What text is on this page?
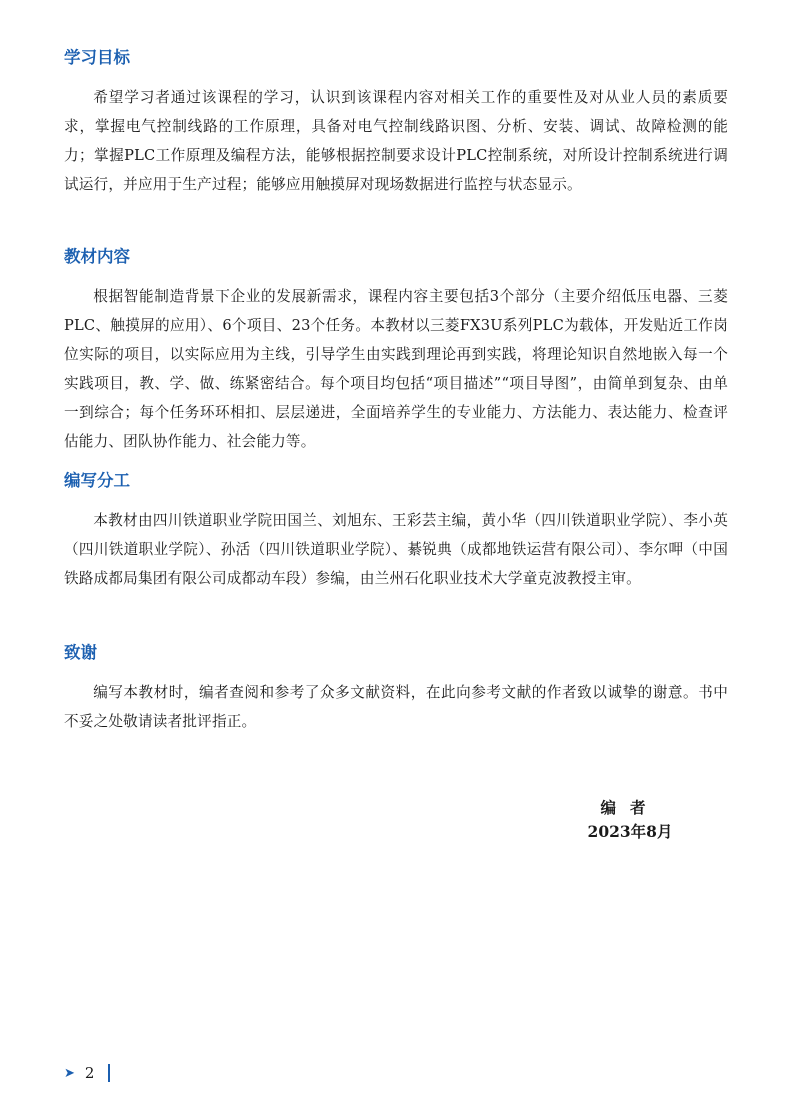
学习目标

希望学习者通过该课程的学习，认识到该课程内容对相关工作的重要性及对从业人员的素质要求，掌握电气控制线路的工作原理，具备对电气控制线路识图、分析、安装、调试、故障检测的能力；掌握PLC工作原理及编程方法，能够根据控制要求设计PLC控制系统，对所设计控制系统进行调试运行，并应用于生产过程；能够应用触摸屏对现场数据进行监控与状态显示。

教材内容

根据智能制造背景下企业的发展新需求，课程内容主要包括3个部分（主要介绍低压电器、三菱PLC、触摸屏的应用）、6个项目、23个任务。本教材以三菱FX3U系列PLC为载体，开发贴近工作岗位实际的项目，以实际应用为主线，引导学生由实践到理论再到实践，将理论知识自然地嵌入每一个实践项目，教、学、做、练紧密结合。每个项目均包括“项目描述”“项目导图”，由简单到复杂、由单一到综合；每个任务环环相扣、层层递进，全面培养学生的专业能力、方法能力、表达能力、检查评估能力、团队协作能力、社会能力等。

编写分工

本教材由四川铁道职业学院田国兰、刘旭东、王彩芸主编，黄小华（四川铁道职业学院）、李小英（四川铁道职业学院）、孙活（四川铁道职业学院）、綦锐典（成都地铁运营有限公司）、李尔呷（中国铁路成都局集团有限公司成都动车段）参编，由兰州石化职业技术大学童克波教授主审。

致谢

编写本教材时，编者查阅和参考了众多文献资料，在此向参考文献的作者致以诚挚的谢意。书中不妥之处敬请读者批评指正。

编者
2023年8月
➤ 2
